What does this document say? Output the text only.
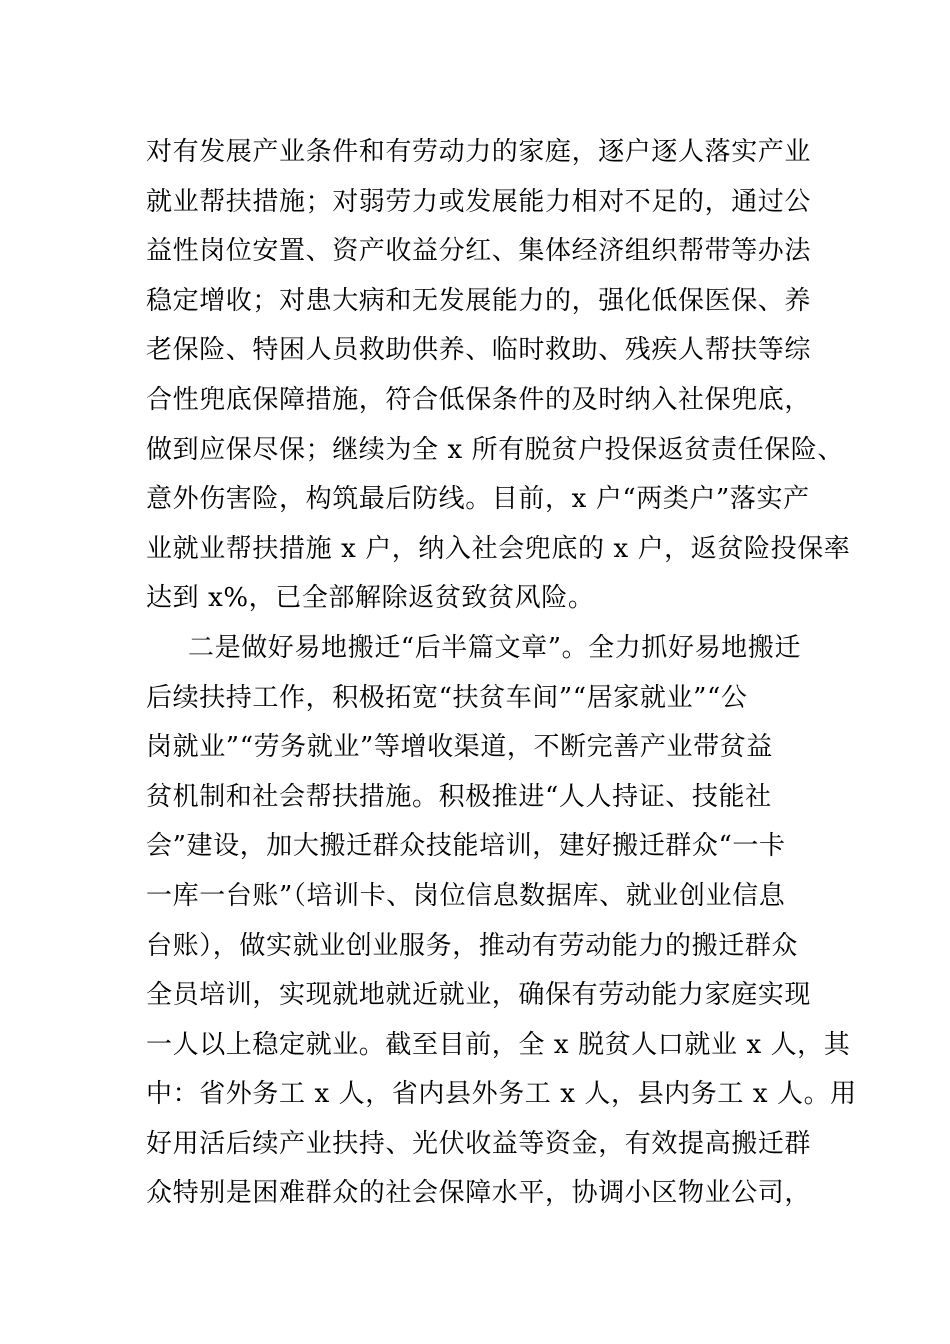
对有发展产业条件和有劳动力的家庭，逐户逐人落实产业
就业帮扶措施；对弱劳力或发展能力相对不足的，通过公
益性岗位安置、资产收益分红、集体经济组织帮带等办法
稳定增收；对患大病和无发展能力的，强化低保医保、养
老保险、特困人员救助供养、临时救助、残疾人帮扶等综
合性兜底保障措施，符合低保条件的及时纳入社保兜底，
做到应保尽保；继续为全 x 所有脱贫户投保返贫责任保险、
意外伤害险，构筑最后防线。目前，x 户“两类户”落实产
业就业帮扶措施 x 户，纳入社会兜底的 x 户，返贫险投保率
达到 x%，已全部解除返贫致贫风险。
二是做好易地搬迁“后半篇文章”。全力抓好易地搬迁
后续扶持工作，积极拓宽“扶贫车间”“居家就业”“公
岗就业”“劳务就业”等增收渠道，不断完善产业带贫益
贫机制和社会帮扶措施。积极推进“人人持证、技能社
会”建设，加大搬迁群众技能培训，建好搬迁群众“一卡
一库一台账”（培训卡、岗位信息数据库、就业创业信息
台账），做实就业创业服务，推动有劳动能力的搬迁群众
全员培训，实现就地就近就业，确保有劳动能力家庭实现
一人以上稳定就业。截至目前，全 x 脱贫人口就业 x 人，其
中：省外务工 x 人，省内县外务工 x 人，县内务工 x 人。用
好用活后续产业扶持、光伏收益等资金，有效提高搬迁群
众特别是困难群众的社会保障水平，协调小区物业公司，
